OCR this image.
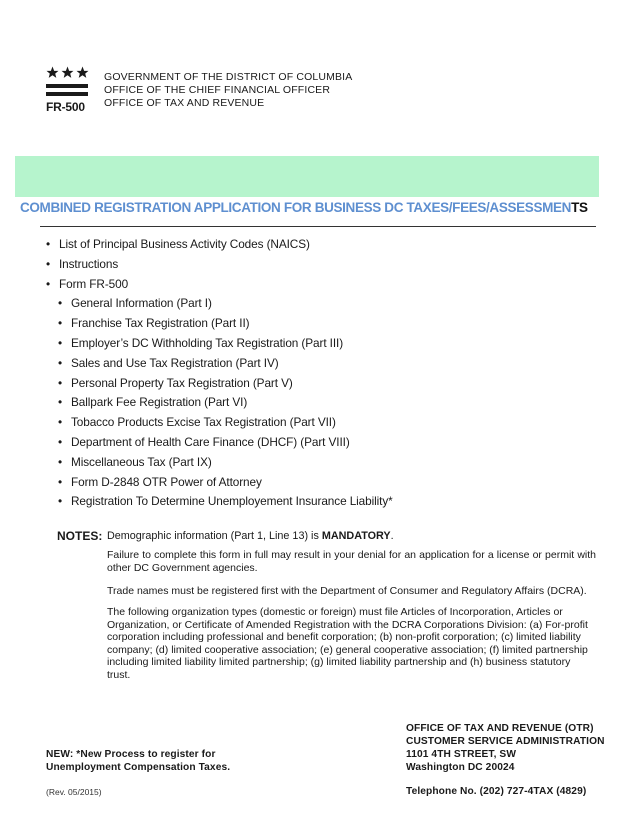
FR-500
GOVERNMENT OF THE DISTRICT OF COLUMBIA
OFFICE OF THE CHIEF FINANCIAL OFFICER
OFFICE OF TAX AND REVENUE
COMBINED REGISTRATION APPLICATION FOR BUSINESS DC TAXES/FEES/ASSESSMENTS
• List of Principal Business Activity Codes (NAICS)
• Instructions
• Form FR-500
• General Information (Part I)
• Franchise Tax Registration (Part II)
• Employer’s DC Withholding Tax Registration (Part III)
• Sales and Use Tax Registration (Part IV)
• Personal Property Tax Registration (Part V)
• Ballpark Fee Registration (Part VI)
• Tobacco Products Excise Tax Registration (Part VII)
• Department of Health Care Finance (DHCF) (Part VIII)
• Miscellaneous Tax (Part IX)
• Form D-2848 OTR Power of Attorney
• Registration To Determine Unemployement Insurance Liability*
NOTES: Demographic information (Part 1, Line 13) is MANDATORY.
Failure to complete this form in full may result in your denial for an application for a license or permit with other DC Government agencies.
Trade names must be registered first with the Department of Consumer and Regulatory Affairs (DCRA).
The following organization types (domestic or foreign) must file Articles of Incorporation, Articles or Organization, or Certificate of Amended Registration with the DCRA Corporations Division: (a) For-profit corporation including professional and benefit corporation; (b) non-profit corporation; (c) limited liability company; (d) limited cooperative association; (e) general cooperative association; (f) limited partnership including limited liability limited partnership; (g) limited liability partnership and (h) business statutory trust.
OFFICE OF TAX AND REVENUE (OTR)
CUSTOMER SERVICE ADMINISTRATION
1101 4TH STREET, SW
Washington DC 20024
Telephone No. (202) 727-4TAX (4829)
NEW: *New Process to register for
Unemployment Compensation Taxes.
(Rev. 05/2015)
